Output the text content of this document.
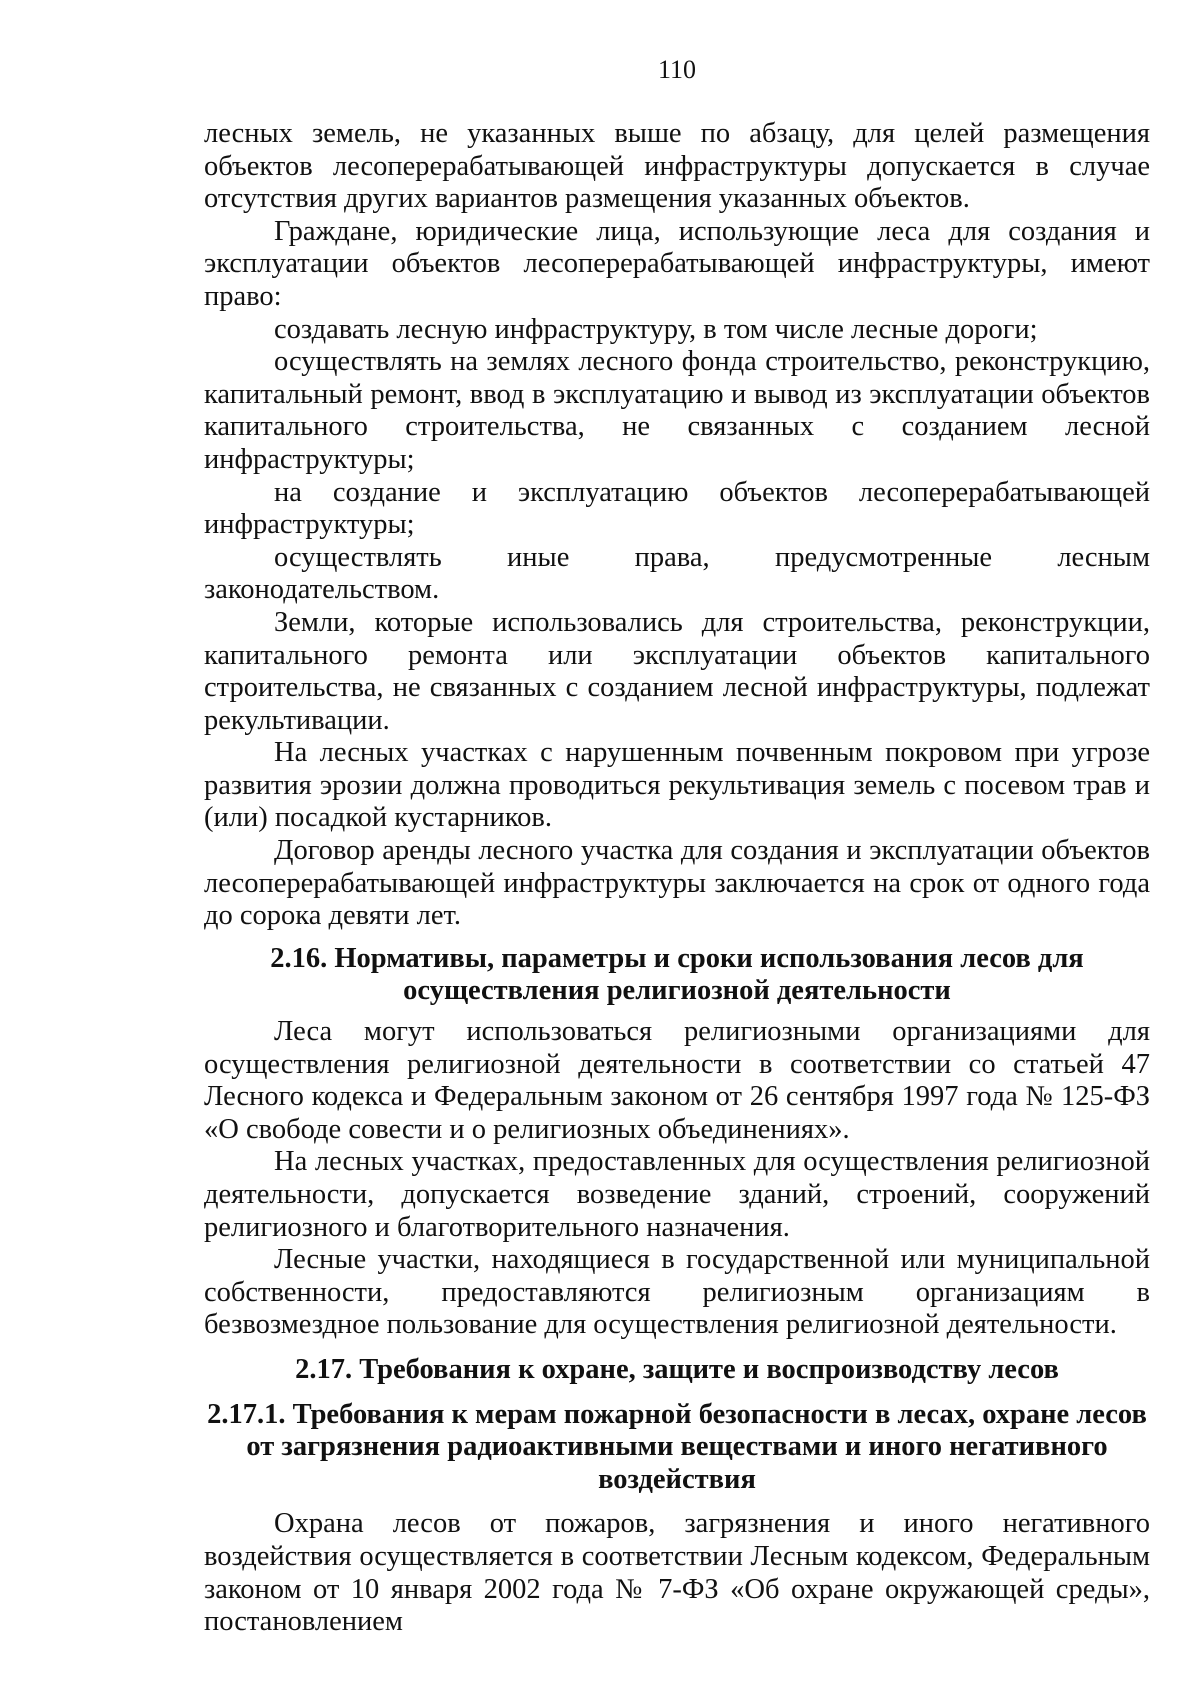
110

лесных земель, не указанных выше по абзацу, для целей размещения объектов лесоперерабатывающей инфраструктуры допускается в случае отсутствия других вариантов размещения указанных объектов.

Граждане, юридические лица, использующие леса для создания и эксплуатации объектов лесоперерабатывающей инфраструктуры, имеют право:

создавать лесную инфраструктуру, в том числе лесные дороги;

осуществлять на землях лесного фонда строительство, реконструкцию, капитальный ремонт, ввод в эксплуатацию и вывод из эксплуатации объектов капитального строительства, не связанных с созданием лесной инфраструктуры;

на создание и эксплуатацию объектов лесоперерабатывающей инфраструктуры;

осуществлять иные права, предусмотренные лесным законодательством.

Земли, которые использовались для строительства, реконструкции, капитального ремонта или эксплуатации объектов капитального строительства, не связанных с созданием лесной инфраструктуры, подлежат рекультивации.

На лесных участках с нарушенным почвенным покровом при угрозе развития эрозии должна проводиться рекультивация земель с посевом трав и (или) посадкой кустарников.

Договор аренды лесного участка для создания и эксплуатации объектов лесоперерабатывающей инфраструктуры заключается на срок от одного года до сорока девяти лет.

2.16. Нормативы, параметры и сроки использования лесов для осуществления религиозной деятельности

Леса могут использоваться религиозными организациями для осуществления религиозной деятельности в соответствии со статьей 47 Лесного кодекса и Федеральным законом от 26 сентября 1997 года № 125-ФЗ «О свободе совести и о религиозных объединениях».

На лесных участках, предоставленных для осуществления религиозной деятельности, допускается возведение зданий, строений, сооружений религиозного и благотворительного назначения.

Лесные участки, находящиеся в государственной или муниципальной собственности, предоставляются религиозным организациям в безвозмездное пользование для осуществления религиозной деятельности.

2.17. Требования к охране, защите и воспроизводству лесов
2.17.1. Требования к мерам пожарной безопасности в лесах, охране лесов от загрязнения радиоактивными веществами и иного негативного воздействия

Охрана лесов от пожаров, загрязнения и иного негативного воздействия осуществляется в соответствии Лесным кодексом, Федеральным законом от 10 января 2002 года № 7-ФЗ «Об охране окружающей среды», постановлением
